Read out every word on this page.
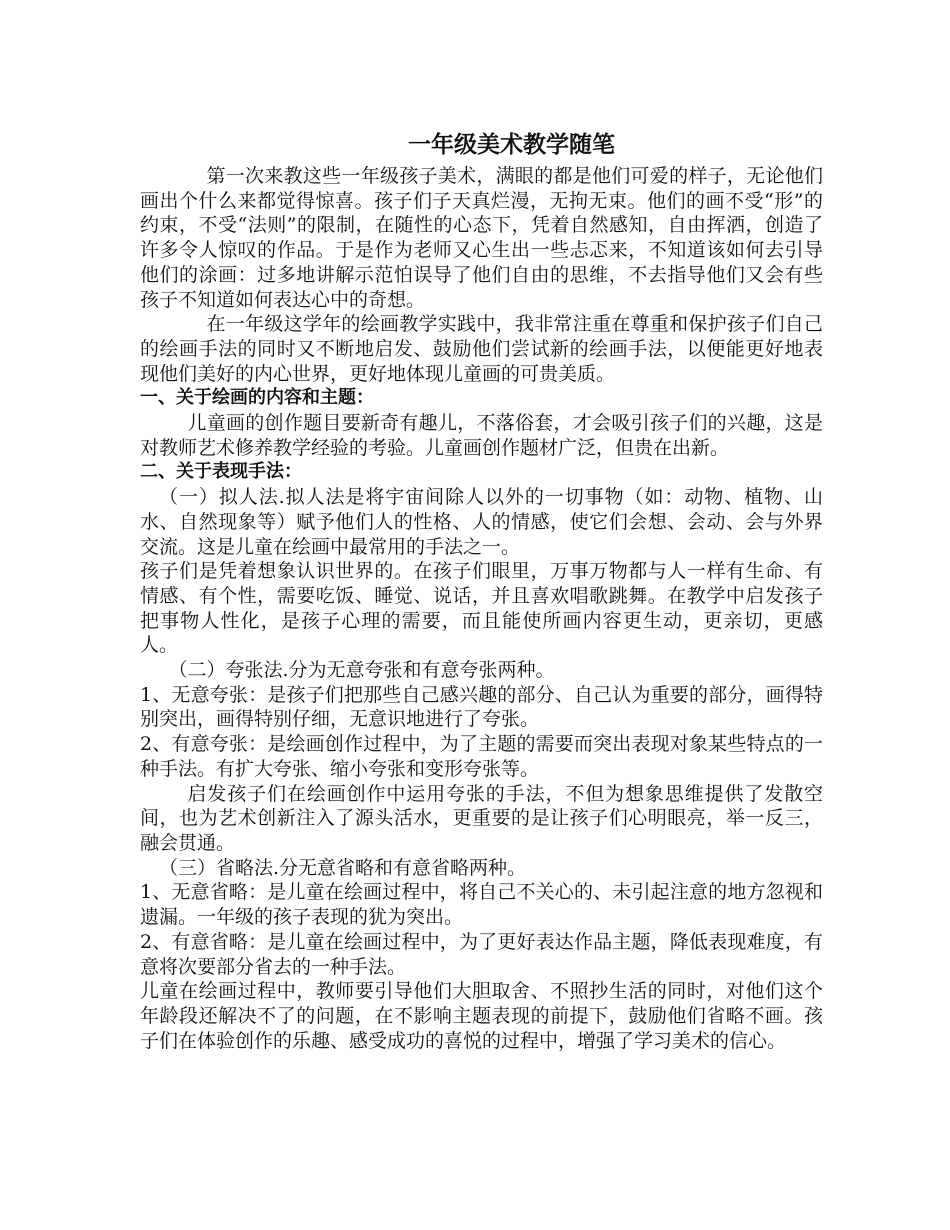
一年级美术教学随笔

第一次来教这些一年级孩子美术，满眼的都是他们可爱的样子，无论他们画出个什么来都觉得惊喜。孩子们子天真烂漫，无拘无束。他们的画不受“形”的约束，不受“法则”的限制，在随性的心态下，凭着自然感知，自由挥洒，创造了许多令人惊叹的作品。于是作为老师又心生出一些忐忑来，不知道该如何去引导他们的涂画：过多地讲解示范怕误导了他们自由的思维，不去指导他们又会有些孩子不知道如何表达心中的奇想。

在一年级这学年的绘画教学实践中，我非常注重在尊重和保护孩子们自己的绘画手法的同时又不断地启发、鼓励他们尝试新的绘画手法，以便能更好地表现他们美好的内心世界，更好地体现儿童画的可贵美质。

一、关于绘画的内容和主题：

儿童画的创作题目要新奇有趣儿，不落俗套，才会吸引孩子们的兴趣，这是对教师艺术修养教学经验的考验。儿童画创作题材广泛，但贵在出新。

二、关于表现手法：

（一）拟人法.拟人法是将宇宙间除人以外的一切事物（如：动物、植物、山水、自然现象等）赋予他们人的性格、人的情感，使它们会想、会动、会与外界交流。这是儿童在绘画中最常用的手法之一。

孩子们是凭着想象认识世界的。在孩子们眼里，万事万物都与人一样有生命、有情感、有个性，需要吃饭、睡觉、说话，并且喜欢唱歌跳舞。在教学中启发孩子把事物人性化，是孩子心理的需要，而且能使所画内容更生动，更亲切，更感人。

（二）夸张法.分为无意夸张和有意夸张两种。

1、无意夸张：是孩子们把那些自己感兴趣的部分、自己认为重要的部分，画得特别突出，画得特别仔细，无意识地进行了夸张。

2、有意夸张：是绘画创作过程中，为了主题的需要而突出表现对象某些特点的一种手法。有扩大夸张、缩小夸张和变形夸张等。

启发孩子们在绘画创作中运用夸张的手法，不但为想象思维提供了发散空间，也为艺术创新注入了源头活水，更重要的是让孩子们心明眼亮，举一反三，融会贯通。

（三）省略法.分无意省略和有意省略两种。

1、无意省略：是儿童在绘画过程中，将自己不关心的、未引起注意的地方忽视和遗漏。一年级的孩子表现的犹为突出。

2、有意省略：是儿童在绘画过程中，为了更好表达作品主题，降低表现难度，有意将次要部分省去的一种手法。

儿童在绘画过程中，教师要引导他们大胆取舍、不照抄生活的同时，对他们这个年龄段还解决不了的问题，在不影响主题表现的前提下，鼓励他们省略不画。孩子们在体验创作的乐趣、感受成功的喜悦的过程中，增强了学习美术的信心。
